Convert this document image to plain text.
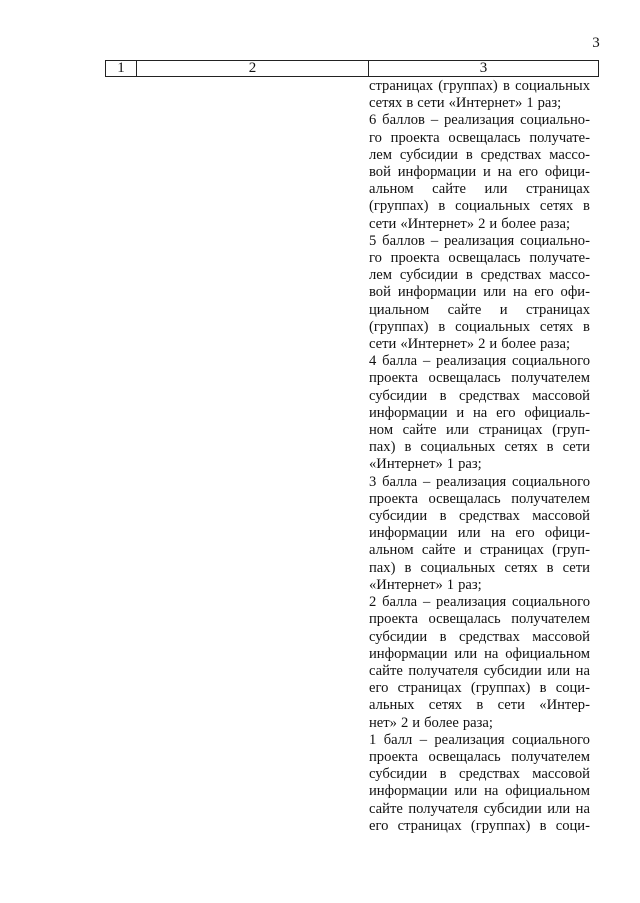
3
1	2	3
страницах (группах) в социальных
сетях в сети «Интернет» 1 раз;
6 баллов – реализация социально-
го проекта освещалась получате-
лем субсидии в средствах массо-
вой информации и на его офици-
альном сайте или страницах
(группах) в социальных сетях в
сети «Интернет» 2 и более раза;
5 баллов – реализация социально-
го проекта освещалась получате-
лем субсидии в средствах массо-
вой информации или на его офи-
циальном сайте и страницах
(группах) в социальных сетях в
сети «Интернет» 2 и более раза;
4 балла – реализация социального
проекта освещалась получателем
субсидии в средствах массовой
информации и на его официаль-
ном сайте или страницах (груп-
пах) в социальных сетях в сети
«Интернет» 1 раз;
3 балла – реализация социального
проекта освещалась получателем
субсидии в средствах массовой
информации или на его офици-
альном сайте и страницах (груп-
пах) в социальных сетях в сети
«Интернет» 1 раз;
2 балла – реализация социального
проекта освещалась получателем
субсидии в средствах массовой
информации или на официальном
сайте получателя субсидии или на
его страницах (группах) в соци-
альных сетях в сети «Интер-
нет» 2 и более раза;
1 балл – реализация социального
проекта освещалась получателем
субсидии в средствах массовой
информации или на официальном
сайте получателя субсидии или на
его страницах (группах) в соци-
